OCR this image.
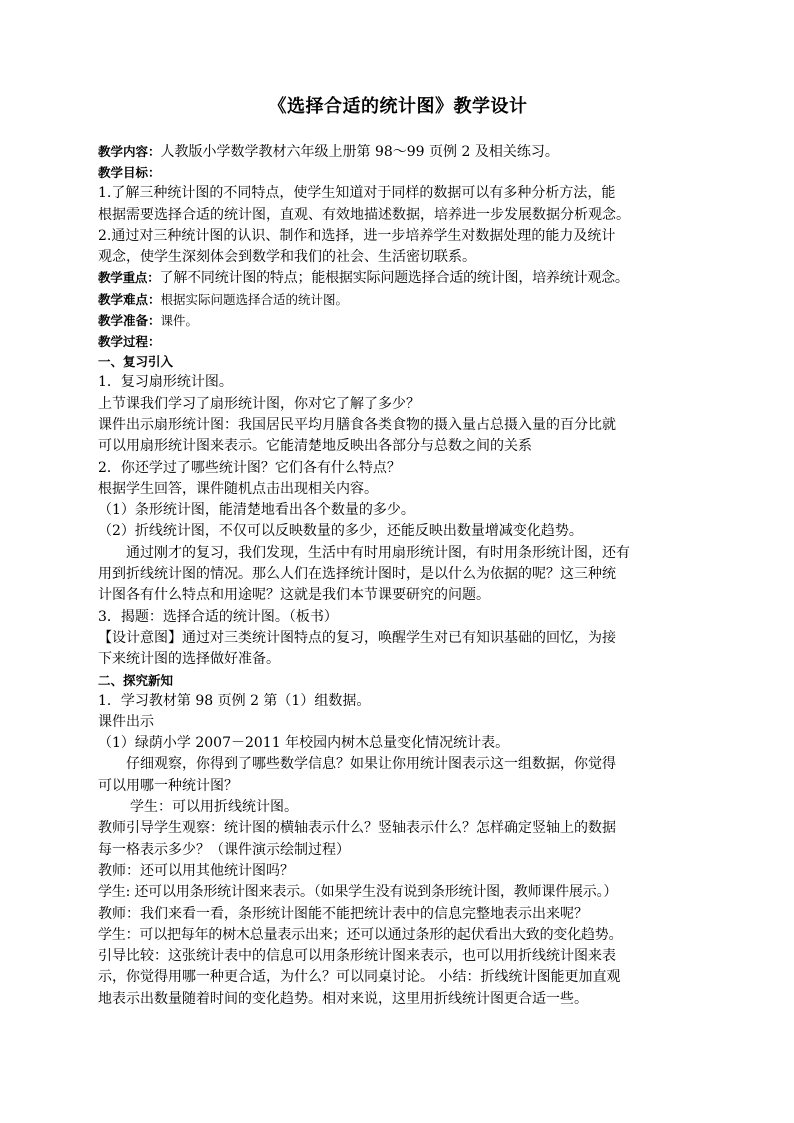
《选择合适的统计图》教学设计

教学内容：人教版小学数学教材六年级上册第 98～99 页例 2 及相关练习。

教学目标：

1.了解三种统计图的不同特点，使学生知道对于同样的数据可以有多种分析方法，能

根据需要选择合适的统计图，直观、有效地描述数据，培养进一步发展数据分析观念。

2.通过对三种统计图的认识、制作和选择，进一步培养学生对数据处理的能力及统计

观念，使学生深刻体会到数学和我们的社会、生活密切联系。

教学重点：了解不同统计图的特点；能根据实际问题选择合适的统计图，培养统计观念。

教学难点：根据实际问题选择合适的统计图。

教学准备：课件。

教学过程：

一、复习引入

1．复习扇形统计图。

上节课我们学习了扇形统计图，你对它了解了多少？

课件出示扇形统计图：我国居民平均月膳食各类食物的摄入量占总摄入量的百分比就

可以用扇形统计图来表示。它能清楚地反映出各部分与总数之间的关系

2．你还学过了哪些统计图？它们各有什么特点？

根据学生回答，课件随机点击出现相关内容。

（1）条形统计图，能清楚地看出各个数量的多少。

（2）折线统计图，不仅可以反映数量的多少，还能反映出数量增减变化趋势。

通过刚才的复习，我们发现，生活中有时用扇形统计图，有时用条形统计图，还有

用到折线统计图的情况。那么人们在选择统计图时，是以什么为依据的呢？这三种统

计图各有什么特点和用途呢？这就是我们本节课要研究的问题。

3．揭题：选择合适的统计图。（板书）

【设计意图】通过对三类统计图特点的复习，唤醒学生对已有知识基础的回忆，为接

下来统计图的选择做好准备。

二、探究新知

1．学习教材第 98 页例 2 第（1）组数据。

课件出示

（1）绿荫小学 2007－2011 年校园内树木总量变化情况统计表。

仔细观察，你得到了哪些数学信息？如果让你用统计图表示这一组数据，你觉得

可以用哪一种统计图？

学生：可以用折线统计图。

教师引导学生观察：统计图的横轴表示什么？竖轴表示什么？怎样确定竖轴上的数据

每一格表示多少？（课件演示绘制过程）

教师：还可以用其他统计图吗？

学生: 还可以用条形统计图来表示。（如果学生没有说到条形统计图，教师课件展示。）

教师：我们来看一看，条形统计图能不能把统计表中的信息完整地表示出来呢？

学生：可以把每年的树木总量表示出来；还可以通过条形的起伏看出大致的变化趋势。

引导比较：这张统计表中的信息可以用条形统计图来表示，也可以用折线统计图来表

示，你觉得用哪一种更合适，为什么？可以同桌讨论。 小结：折线统计图能更加直观

地表示出数量随着时间的变化趋势。相对来说，这里用折线统计图更合适一些。
